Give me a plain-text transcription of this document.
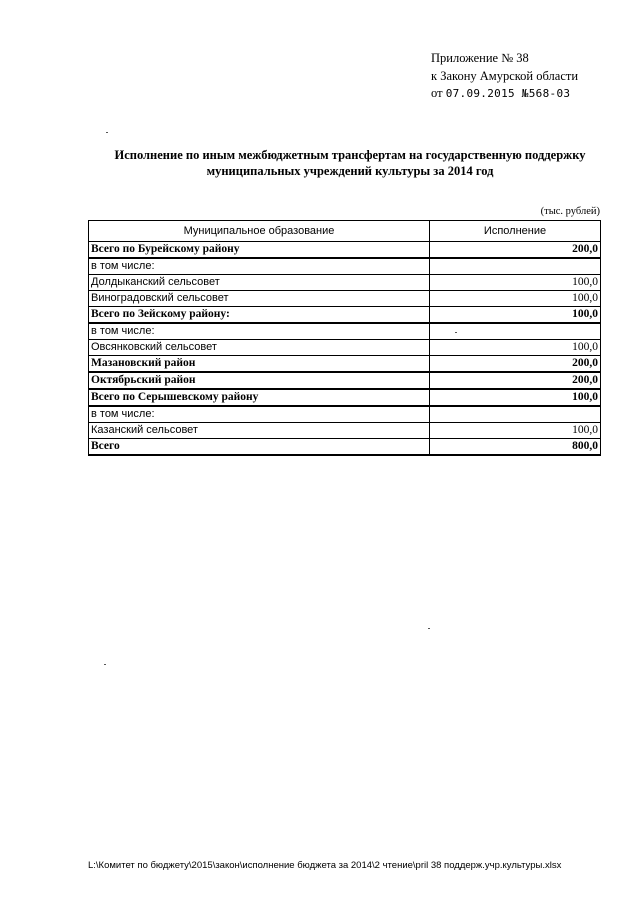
Приложение № 38
к Закону Амурской области
от 07.09.2015 №568-03
Исполнение по иным межбюджетным трансфертам на государственную поддержку
муниципальных учреждений культуры за 2014 год
(тыс. рублей)
Муниципальное образование	Исполнение
Всего по Бурейскому району	200,0
в том числе:	
Долдыканский сельсовет	100,0
Виноградовский сельсовет	100,0
Всего по Зейскому району:	100,0
в том числе:	
Овсянковский сельсовет	100,0
Мазановский район	200,0
Октябрьский район	200,0
Всего по Серышевскому району	100,0
в том числе:	
Казанский сельсовет	100,0
Всего	800,0
L:\Комитет по бюджету\2015\закон\исполнение бюджета за 2014\2 чтение\pril 38 поддерж.учр.культуры.xlsx
